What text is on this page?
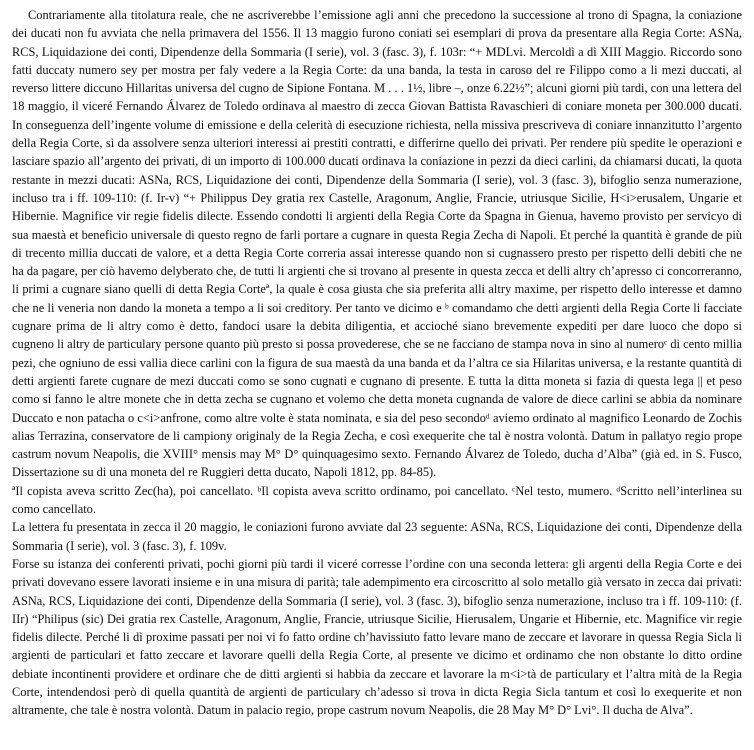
Contrariamente alla titolatura reale, che ne ascriverebbe l’emissione agli anni che precedono la successione al trono di Spagna, la coniazione dei ducati non fu avviata che nella primavera del 1556. Il 13 maggio furono coniati sei esemplari di prova da presentare alla Regia Corte: ASNa, RCS, Liquidazione dei conti, Dipendenze della Sommaria (I serie), vol. 3 (fasc. 3), f. 103r: “+ MDLvi. Mercoldì a dì XIII Maggio. Riccordo sono fatti duccaty numero sey per mostra per faly vedere a la Regia Corte: da una banda, la testa in caroso del re Filippo como a li mezi duccati, al reverso littere diccuno Hillaritas universa del cugno de Sipione Fontana. M . . . 1½, libre –, onze 6.22½”; alcuni giorni più tardi, con una lettera del 18 maggio, il viceré Fernando Álvarez de Toledo ordinava al maestro di zecca Giovan Battista Ravaschieri di coniare moneta per 300.000 ducati. In conseguenza dell’ingente volume di emissione e della celerità di esecuzione richiesta, nella missiva prescriveva di coniare innanzitutto l’argento della Regia Corte, sì da assolvere senza ulteriori interessi ai prestiti contratti, e differirne quello dei privati. Per rendere più spedite le operazioni e lasciare spazio all’argento dei privati, di un importo di 100.000 ducati ordinava la coniazione in pezzi da dieci carlini, da chiamarsi ducati, la quota restante in mezzi ducati: ASNa, RCS, Liquidazione dei conti, Dipendenze della Sommaria (I serie), vol. 3 (fasc. 3), bifoglio senza numerazione, incluso tra i ff. 109-110: (f. Ir-v) “+ Philippus Dey gratia rex Castelle, Aragonum, Anglie, Francie, utriusque Sicilie, H<i>erusalem, Ungarie et Hibernie. Magnifice vir regie fidelis dilecte. Essendo condotti li argienti della Regia Corte da Spagna in Gienua, havemo provisto per servicyo di sua maestà et beneficio universale di questo regno de farli portare a cugnare in questa Regia Zecha di Napoli. Et perché la quantità è grande de più di trecento millia duccati de valore, et a detta Regia Corte correria assai interesse quando non si cugnassero presto per rispetto delli debiti che ne ha da pagare, per ciò havemo delyberato che, de tutti li argienti che si trovano al presente in questa zecca et delli altry ch’apresso ci concorreranno, li primi a cugnare siano quelli di detta Regia Corteª, la quale è cosa giusta che sia preferita alli altry maxime, per rispetto dello interesse et damno che ne li veneria non dando la moneta a tempo a li soi creditory. Per tanto ve dicimo e ᵇ comandamo che detti argienti della Regia Corte li facciate cugnare prima de li altry como è detto, fandoci usare la debita diligentia, et accioché siano brevemente expediti per dare luoco che dopo si cugneno li altry de particulary persone quanto più presto si possa provederese, che se ne facciano de stampa nova in sino al numeroᶜ di cento millia pezi, che ogniuno de essi vallia diece carlini con la figura de sua maestà da una banda et da l’altra ce sia Hilaritas universa, e la restante quantità di detti argienti farete cugnare de mezi duccati como se sono cugnati e cugnano di presente. E tutta la ditta moneta si fazia di questa lega || et peso como si fanno le altre monete che in detta zecha se cugnano et volemo che detta moneta cugnanda de valore de diece carlini se abbia da nominare Duccato e non patacha o c<i>anfrone, como altre volte è stata nominata, e sia del peso secondoᵈ aviemo ordinato al magnifico Leonardo de Zochis alias Terrazina, conservatore de li campiony originaly de la Regia Zecha, e così exequerite che tal è nostra volontà. Datum in pallatyo regio prope castrum novum Neapolis, die XVIII° mensis may M° D° quinquagesimo sexto. Fernando Álvarez de Toledo, ducha d’Alba” (già ed. in S. Fusco, Dissertazione su di una moneta del re Ruggieri detta ducato, Napoli 1812, pp. 84-85).

ªIl copista aveva scritto Zec(ha), poi cancellato. ᵇIl copista aveva scritto ordinamo, poi cancellato. ᶜNel testo, mumero. ᵈScritto nell’interlinea su como cancellato.

La lettera fu presentata in zecca il 20 maggio, le coniazioni furono avviate dal 23 seguente: ASNa, RCS, Liquidazione dei conti, Dipendenze della Sommaria (I serie), vol. 3 (fasc. 3), f. 109v.

Forse su istanza dei conferenti privati, pochi giorni più tardi il viceré corresse l’ordine con una seconda lettera: gli argenti della Regia Corte e dei privati dovevano essere lavorati insieme e in una misura di parità; tale adempimento era circoscritto al solo metallo già versato in zecca dai privati: ASNa, RCS, Liquidazione dei conti, Dipendenze della Sommaria (I serie), vol. 3 (fasc. 3), bifoglio senza numerazione, incluso tra i ff. 109-110: (f. IIr) “Philipus (sic) Dei gratia rex Castelle, Aragonum, Anglie, Francie, utriusque Sicilie, Hierusalem, Ungarie et Hibernie, etc. Magnifice vir regie fidelis dilecte. Perché li dì proxime passati per noi vi fo fatto ordine ch’havissiuto fatto levare mano de zeccare et lavorare in quessa Regia Sicla li argienti de particulari et fatto zeccare et lavorare quelli della Regia Corte, al presente ve dicimo et ordinamo che non obstante lo ditto ordine debiate incontinenti providere et ordinare che de ditti argienti si habbia da zeccare et lavorare la m<i>tà de particulary et l’altra mità de la Regia Corte, intendendosi però di quella quantità de argienti de particulary ch’adesso si trova in dicta Regia Sicla tantum et così lo exequerite et non altramente, che tale è nostra volontà. Datum in palacio regio, prope castrum novum Neapolis, die 28 May M° D° Lvi°. Il ducha de Alva”.
